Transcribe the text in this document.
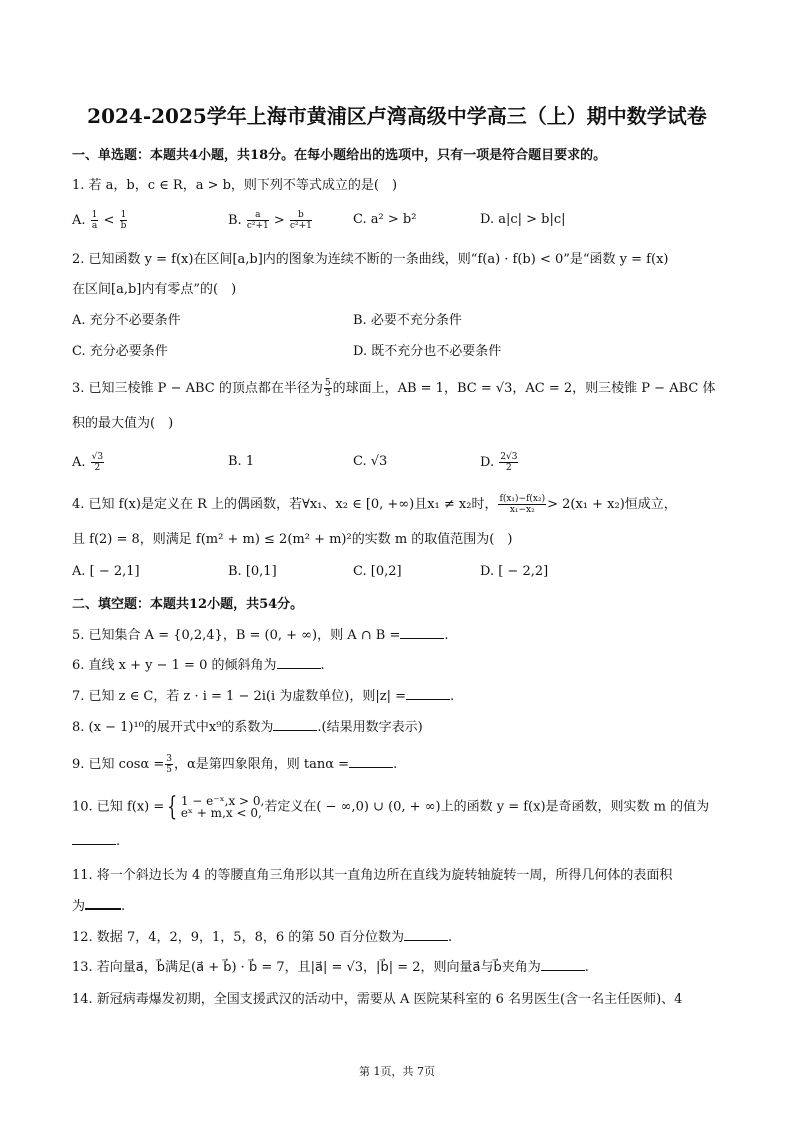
2024-2025学年上海市黄浦区卢湾高级中学高三（上）期中数学试卷
一、单选题：本题共4小题，共18分。在每小题给出的选项中，只有一项是符合题目要求的。
1. 若 a，b，c ∈ R，a > b，则下列不等式成立的是(　)
A. $\frac{1}{a} < \frac{1}{b}$	B. $\frac{a}{\text{c²+1}} > \frac{b}{\text{c²+1}}$	C. a² > b²	D. a|c| > b|c|
2. 已知函数 y = f(x)在区间[a,b]内的图象为连续不断的一条曲线，则“f(a) · f(b) < 0”是“函数 y = f(x)
在区间[a,b]内有零点”的(　)
A. 充分不必要条件	B. 必要不充分条件
C. 充分必要条件	D. 既不充分也不必要条件
3. 已知三棱锥 P − ABC 的顶点都在半径为 $\frac{5}{3}$ 的球面上，AB = 1，BC = √3，AC = 2，则三棱锥 P − ABC 体
积的最大值为(　)
A. $\frac{√3}{2}$	B. 1	C. √3	D. $\frac{2√3}{2}$
4. 已知 f(x)是定义在 R 上的偶函数，若∀x₁、x₂ ∈ [0, +∞)且x₁ ≠ x₂时， $\frac{\text{f(x₁)−f(x₂)}}{\text{x₁−x₂}} > 2(x_1 + x_2)$恒成立，
且 f(2) = 8，则满足 f(m² + m) ≤ 2(m² + m)²的实数 m 的取值范围为(　)
A. [ − 2,1]	B. [0,1]	C. [0,2]	D. [ − 2,2]
二、填空题：本题共12小题，共54分。
5. 已知集合 A = {0,2,4}，B = (0, + ∞)，则 A ∩ B =	.
6. 直线 x + y − 1 = 0 的倾斜角为	.
7. 已知 z ∈ C，若 z · i = 1 − 2i(i 为虚数单位)，则|z| =	.
8. (x − 1)¹⁰的展开式中x⁹的系数为	.(结果用数字表示)
9. 已知 $\cos\alpha = \frac{3}{5}$ ，α是第四象限角，则 tanα =	.
10. 已知 f(x) = { 1 − e⁻ˣ,x > 0,
eˣ + m,x < 0, 若定义在( − ∞,0) ∪ (0, + ∞)上的函数 y = f(x)是奇函数，则实数 m 的值为
.
11. 将一个斜边长为 4 的等腰直角三角形以其一直角边所在直线为旋转轴旋转一周，所得几何体的表面积
为	.
12. 数据 7，4，2，9，1，5，8，6 的第 50 百分位数为	.
13. 若向量a⃗，b⃗满足(a⃗ + b⃗) · b⃗ = 7，且|a⃗| = √3，|b⃗| = 2，则向量a⃗与b⃗夹角为	.
14. 新冠病毒爆发初期，全国支援武汉的活动中，需要从 A 医院某科室的 6 名男医生(含一名主任医师)、4
第 1页，共 7页
